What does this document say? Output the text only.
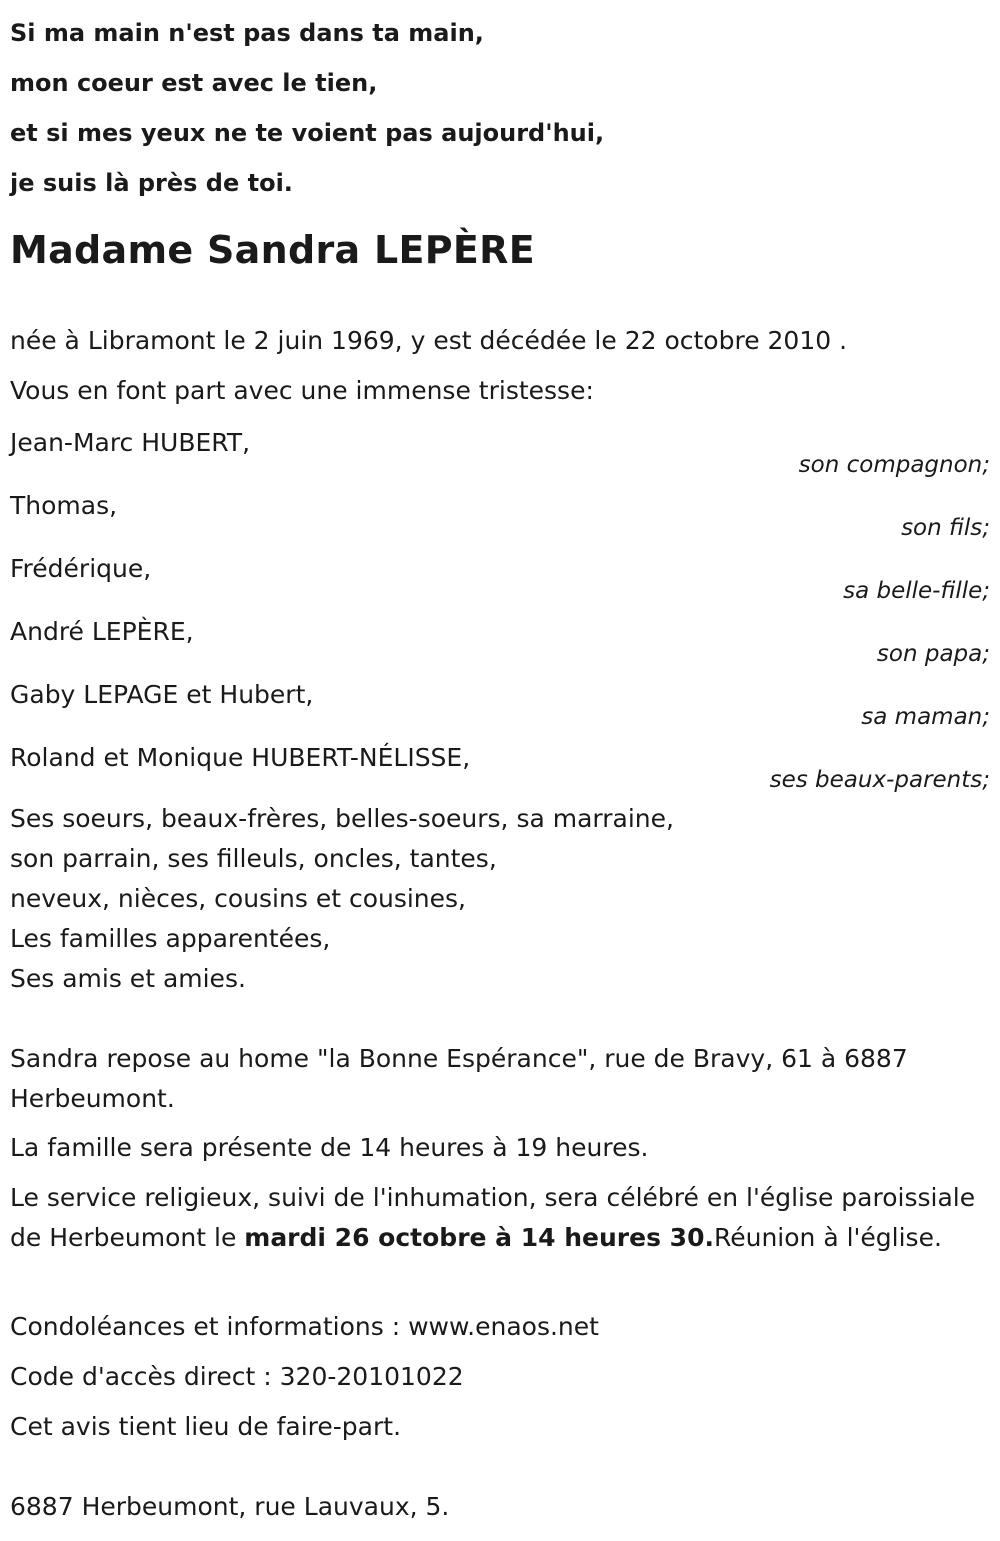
Si ma main n'est pas dans ta main,
mon coeur est avec le tien,
et si mes yeux ne te voient pas aujourd'hui,
je suis là près de toi.
Madame Sandra LEPÈRE
née à Libramont le 2 juin 1969, y est décédée le 22 octobre 2010 .
Vous en font part avec une immense tristesse:
Jean-Marc HUBERT,
son compagnon;
Thomas,
son fils;
Frédérique,
sa belle-fille;
André LEPÈRE,
son papa;
Gaby LEPAGE et Hubert,
sa maman;
Roland et Monique HUBERT-NÉLISSE,
ses beaux-parents;
Ses soeurs, beaux-frères, belles-soeurs, sa marraine,
son parrain, ses filleuls, oncles, tantes,
neveux, nièces, cousins et cousines,
Les familles apparentées,
Ses amis et amies.
Sandra repose au home "la Bonne Espérance", rue de Bravy, 61 à 6887 Herbeumont.
La famille sera présente de 14 heures à 19 heures.
Le service religieux, suivi de l'inhumation, sera célébré en l'église paroissiale de Herbeumont le mardi 26 octobre à 14 heures 30.Réunion à l'église.
Condoléances et informations : www.enaos.net
Code d'accès direct : 320-20101022
Cet avis tient lieu de faire-part.
6887 Herbeumont, rue Lauvaux, 5.
